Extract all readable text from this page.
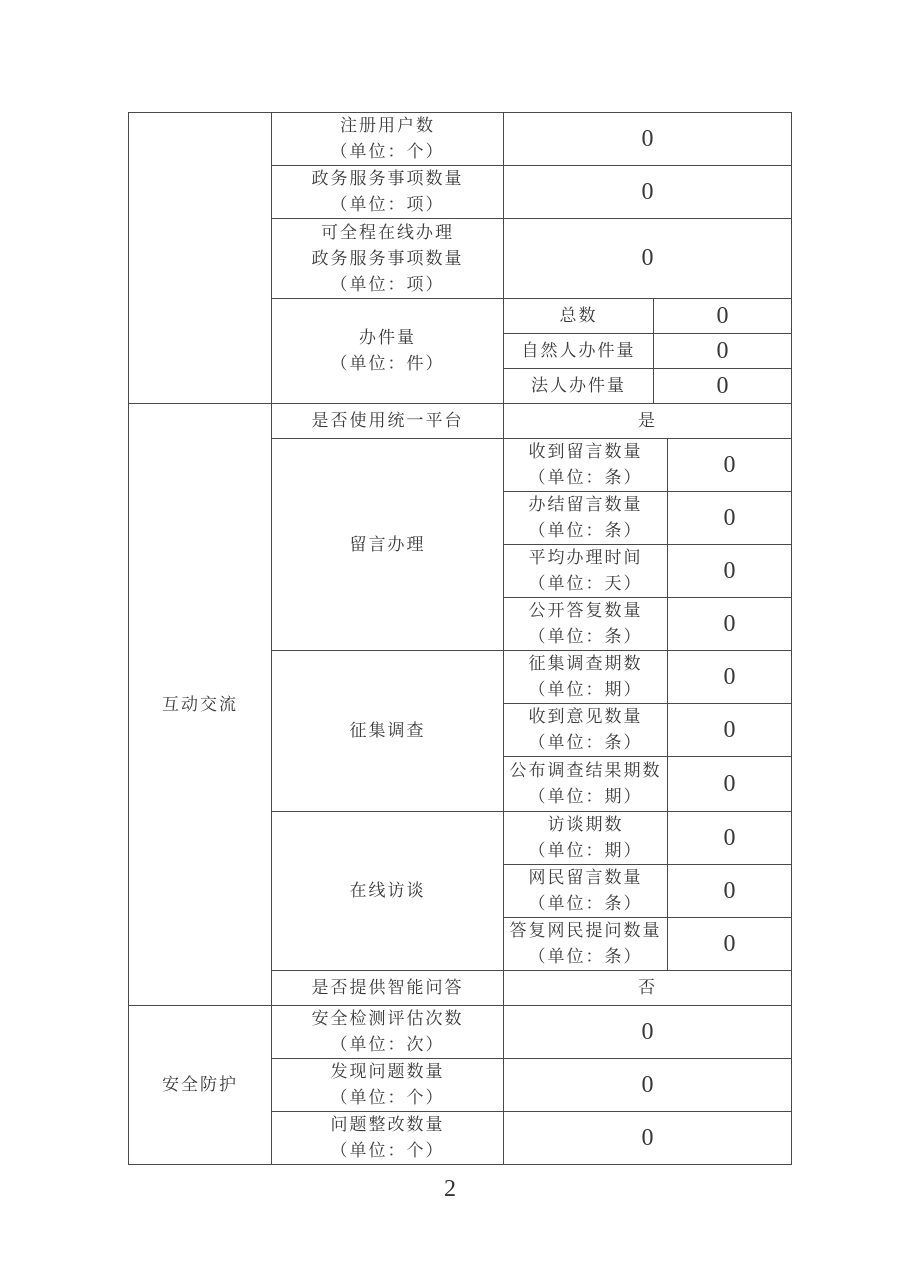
	注册用户数
（单位：个）	0		

	政务服务事项数量
（单位：项）	0		

	可全程在线办理
政务服务事项数量
（单位：项）	0		

	办件量
（单位：件）	总数	0	
		自然人办件量	0	
		法人办件量	0	
互动交流	是否使用统一平台	是		
	留言办理	收到留言数量
（单位：条）		0

		办结留言数量
（单位：条）		0

		平均办理时间
（单位：天）		0

		公开答复数量
（单位：条）		0
	征集调查	征集调查期数
（单位：期）		0

		收到意见数量
（单位：条）		0

		公布调查结果期数
（单位：期）		0
	在线访谈	访谈期数
（单位：期）		0

		网民留言数量
（单位：条）		0

		答复网民提问数量
（单位：条）		0
	是否提供智能问答	否		
安全防护	安全检测评估次数
（单位：次）	0		

	发现问题数量
（单位：个）	0		

	问题整改数量
（单位：个）	0		
2
